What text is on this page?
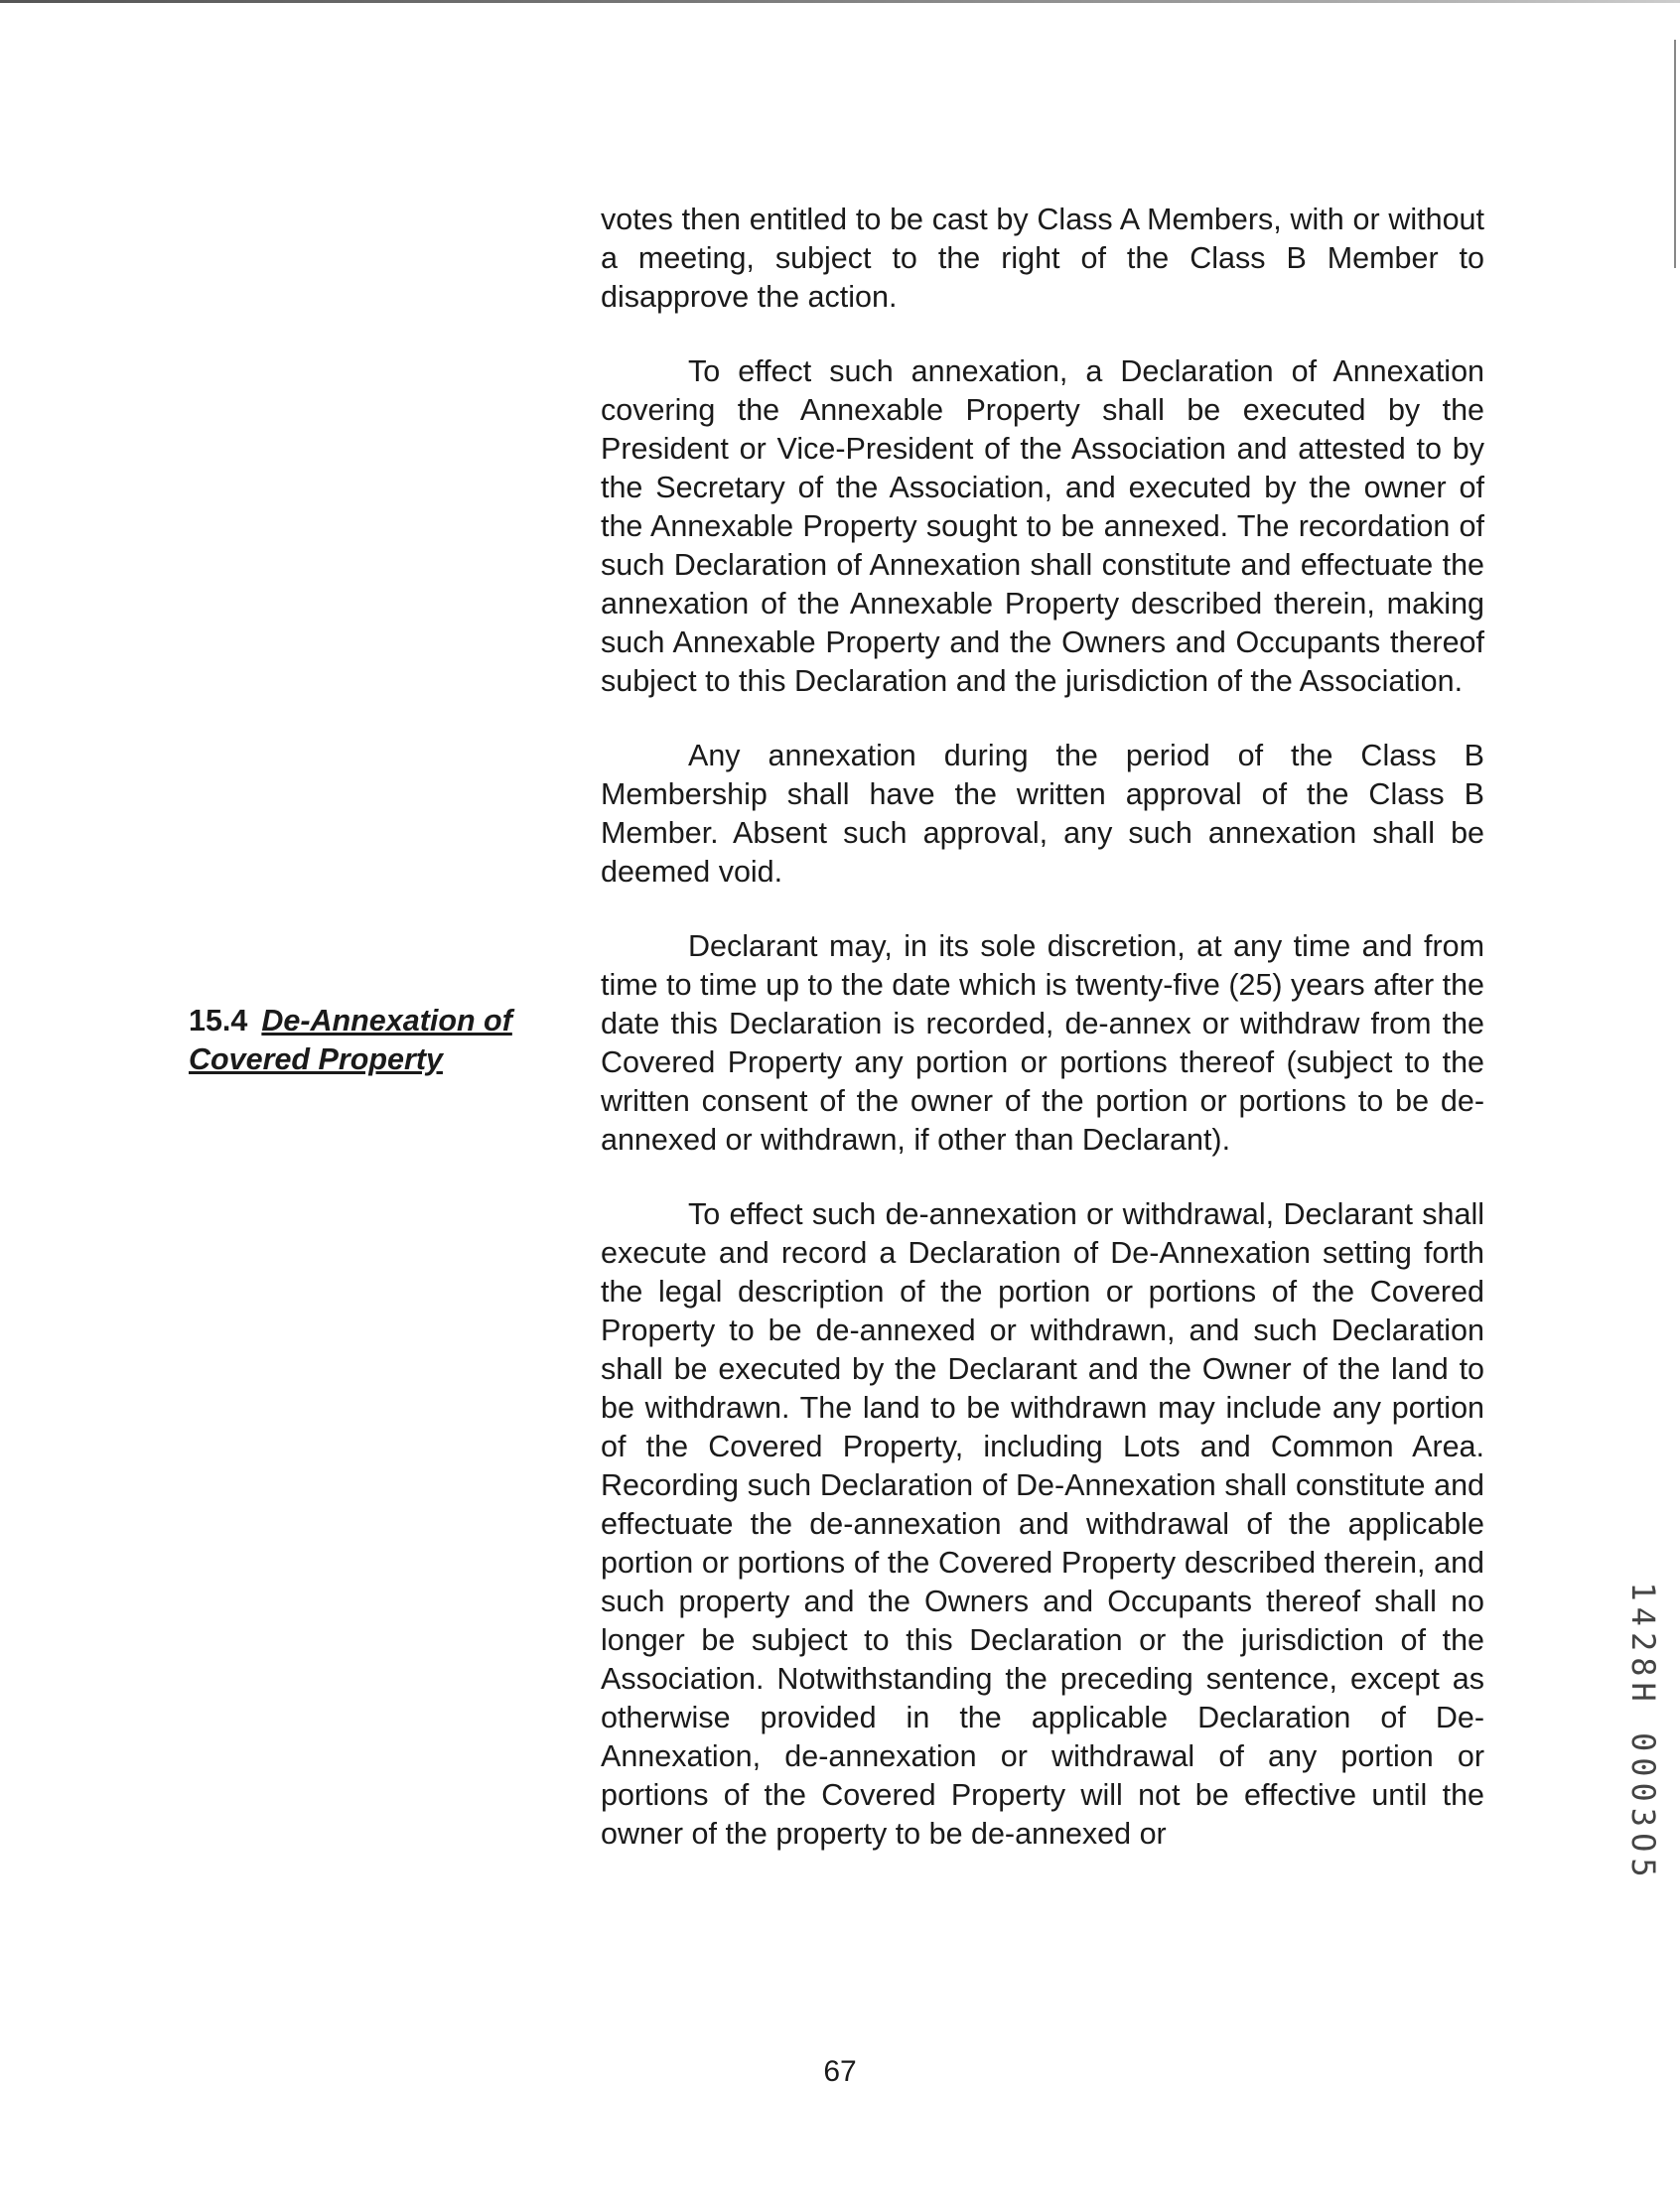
votes then entitled to be cast by Class A Members, with or without a meeting, subject to the right of the Class B Member to disapprove the action.

To effect such annexation, a Declaration of Annexation covering the Annexable Property shall be executed by the President or Vice-President of the Association and attested to by the Secretary of the Association, and executed by the owner of the Annexable Property sought to be annexed. The recordation of such Declaration of Annexation shall constitute and effectuate the annexation of the Annexable Property described therein, making such Annexable Property and the Owners and Occupants thereof subject to this Declaration and the jurisdiction of the Association.

Any annexation during the period of the Class B Membership shall have the written approval of the Class B Member. Absent such approval, any such annexation shall be deemed void.

Declarant may, in its sole discretion, at any time and from time to time up to the date which is twenty-five (25) years after the date this Declaration is recorded, de-annex or withdraw from the Covered Property any portion or portions thereof (subject to the written consent of the owner of the portion or portions to be de-annexed or withdrawn, if other than Declarant).

To effect such de-annexation or withdrawal, Declarant shall execute and record a Declaration of De-Annexation setting forth the legal description of the portion or portions of the Covered Property to be de-annexed or withdrawn, and such Declaration shall be executed by the Declarant and the Owner of the land to be withdrawn. The land to be withdrawn may include any portion of the Covered Property, including Lots and Common Area. Recording such Declaration of De-Annexation shall constitute and effectuate the de-annexation and withdrawal of the applicable portion or portions of the Covered Property described therein, and such property and the Owners and Occupants thereof shall no longer be subject to this Declaration or the jurisdiction of the Association. Notwithstanding the preceding sentence, except as otherwise provided in the applicable Declaration of De-Annexation, de-annexation or withdrawal of any portion or portions of the Covered Property will not be effective until the owner of the property to be de-annexed or

15.4 De-Annexation of Covered Property
67
1428H 0003O5
